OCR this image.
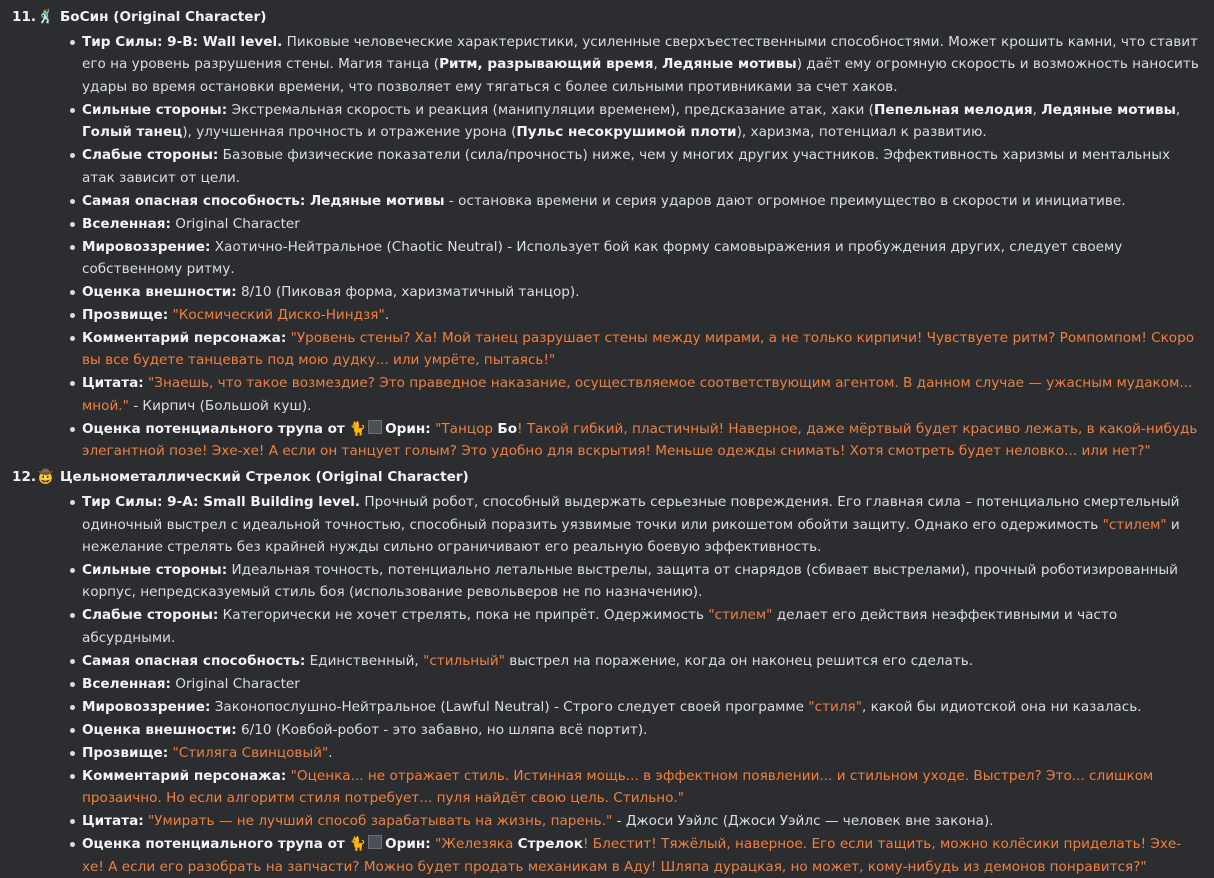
11. 🕺 БоСин (Original Character)
Тир Силы: 9-B: Wall level. Пиковые человеческие характеристики, усиленные сверхъестественными способностями. Может крошить камни, что ставит его на уровень разрушения стены. Магия танца (Ритм, разрывающий время, Ледяные мотивы) даёт ему огромную скорость и возможность наносить удары во время остановки времени, что позволяет ему тягаться с более сильными противниками за счет хаков.
Сильные стороны: Экстремальная скорость и реакция (манипуляции временем), предсказание атак, хаки (Пепельная мелодия, Ледяные мотивы, Голый танец), улучшенная прочность и отражение урона (Пульс несокрушимой плоти), харизма, потенциал к развитию.
Слабые стороны: Базовые физические показатели (сила/прочность) ниже, чем у многих других участников. Эффективность харизмы и ментальных атак зависит от цели.
Самая опасная способность: Ледяные мотивы - остановка времени и серия ударов дают огромное преимущество в скорости и инициативе.
Вселенная: Original Character
Мировоззрение: Хаотично-Нейтральное (Chaotic Neutral) - Использует бой как форму самовыражения и пробуждения других, следует своему собственному ритму.
Оценка внешности: 8/10 (Пиковая форма, харизматичный танцор).
Прозвище: "Космический Диско-Ниндзя".
Комментарий персонажа: "Уровень стены? Ха! Мой танец разрушает стены между мирами, а не только кирпичи! Чувствуете ритм? Ромпомпом! Скоро вы все будете танцевать под мою дудку... или умрёте, пытаясь!"
Цитата: "Знаешь, что такое возмездие? Это праведное наказание, осуществляемое соответствующим агентом. В данном случае — ужасным мудаком... мной." - Кирпич (Большой куш).
Оценка потенциального трупа от 🐈 Орин: "Танцор Бо! Такой гибкий, пластичный! Наверное, даже мёртвый будет красиво лежать, в какой-нибудь элегантной позе! Эхе-хе! А если он танцует голым? Это удобно для вскрытия! Меньше одежды снимать! Хотя смотреть будет неловко... или нет?"
12. 🤠 Цельнометаллический Стрелок (Original Character)
Тир Силы: 9-A: Small Building level. Прочный робот, способный выдержать серьезные повреждения. Его главная сила – потенциально смертельный одиночный выстрел с идеальной точностью, способный поразить уязвимые точки или рикошетом обойти защиту. Однако его одержимость "стилем" и нежелание стрелять без крайней нужды сильно ограничивают его реальную боевую эффективность.
Сильные стороны: Идеальная точность, потенциально летальные выстрелы, защита от снарядов (сбивает выстрелами), прочный роботизированный корпус, непредсказуемый стиль боя (использование револьверов не по назначению).
Слабые стороны: Категорически не хочет стрелять, пока не припрёт. Одержимость "стилем" делает его действия неэффективными и часто абсурдными.
Самая опасная способность: Единственный, "стильный" выстрел на поражение, когда он наконец решится его сделать.
Вселенная: Original Character
Мировоззрение: Законопослушно-Нейтральное (Lawful Neutral) - Строго следует своей программе "стиля", какой бы идиотской она ни казалась.
Оценка внешности: 6/10 (Ковбой-робот - это забавно, но шляпа всё портит).
Прозвище: "Стиляга Свинцовый".
Комментарий персонажа: "Оценка... не отражает стиль. Истинная мощь... в эффектном появлении... и стильном уходе. Выстрел? Это... слишком прозаично. Но если алгоритм стиля потребует... пуля найдёт свою цель. Стильно."
Цитата: "Умирать — не лучший способ зарабатывать на жизнь, парень." - Джоси Уэйлс (Джоси Уэйлс — человек вне закона).
Оценка потенциального трупа от 🐈 Орин: "Железяка Стрелок! Блестит! Тяжёлый, наверное. Его если тащить, можно колёсики приделать! Эхе-хе! А если его разобрать на запчасти? Можно будет продать механикам в Аду! Шляпа дурацкая, но может, кому-нибудь из демонов понравится?"
